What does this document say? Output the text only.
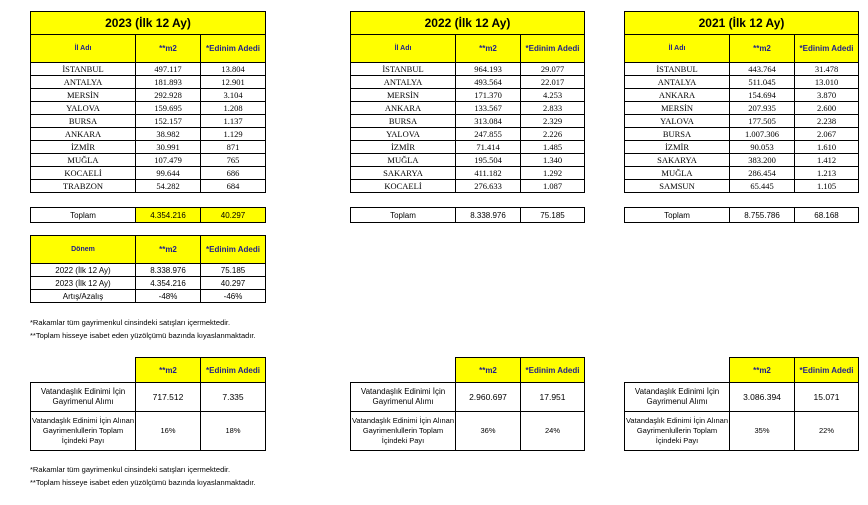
2023 (İlk 12 Ay)		
İl Adı	**m2	*Edinim Adedi
İSTANBUL	497.117	13.804
ANTALYA	181.893	12.901
MERSİN	292.928	3.104
YALOVA	159.695	1.208
BURSA	152.157	1.137
ANKARA	38.982	1.129
İZMİR	30.991	871
MUĞLA	107.479	765
KOCAELİ	99.644	686
TRABZON	54.282	684
Toplam	4.354.216	40.297
2022 (İlk 12 Ay)		
İl Adı	**m2	*Edinim Adedi
İSTANBUL	964.193	29.077
ANTALYA	493.564	22.017
MERSİN	171.370	4.253
ANKARA	133.567	2.833
BURSA	313.084	2.329
YALOVA	247.855	2.226
İZMİR	71.414	1.485
MUĞLA	195.504	1.340
SAKARYA	411.182	1.292
KOCAELİ	276.633	1.087
Toplam	8.338.976	75.185
2021 (İlk 12 Ay)		
İl Adı	**m2	*Edinim Adedi
İSTANBUL	443.764	31.478
ANTALYA	511.045	13.010
ANKARA	154.694	3.870
MERSİN	207.935	2.600
YALOVA	177.505	2.238
BURSA	1.007.306	2.067
İZMİR	90.053	1.610
SAKARYA	383.200	1.412
MUĞLA	286.454	1.213
SAMSUN	65.445	1.105
Toplam	8.755.786	68.168
Dönem	**m2	*Edinim Adedi
2022 (İlk 12 Ay)	8.338.976	75.185
2023 (İlk 12 Ay)	4.354.216	40.297
Artış/Azalış	-48%	-46%
*Rakamlar tüm gayrimenkul cinsindeki satışları içermektedir.
**Toplam hisseye isabet eden yüzölçümü bazında kıyaslanmaktadır.
	**m2	*Edinim Adedi
Vatandaşlık Edinimi İçin Gayrimenul Alımı	717.512	7.335
Vatandaşlık Edinimi İçin Alınan Gayrimenlullerin Toplam İçindeki Payı	16%	18%
	**m2	*Edinim Adedi
Vatandaşlık Edinimi İçin Gayrimenul Alımı	2.960.697	17.951
Vatandaşlık Edinimi İçin Alınan Gayrimenlullerin Toplam İçindeki Payı	36%	24%
	**m2	*Edinim Adedi
Vatandaşlık Edinimi İçin Gayrimenul Alımı	3.086.394	15.071
Vatandaşlık Edinimi İçin Alınan Gayrimenlullerin Toplam İçindeki Payı	35%	22%
*Rakamlar tüm gayrimenkul cinsindeki satışları içermektedir.
**Toplam hisseye isabet eden yüzölçümü bazında kıyaslanmaktadır.
